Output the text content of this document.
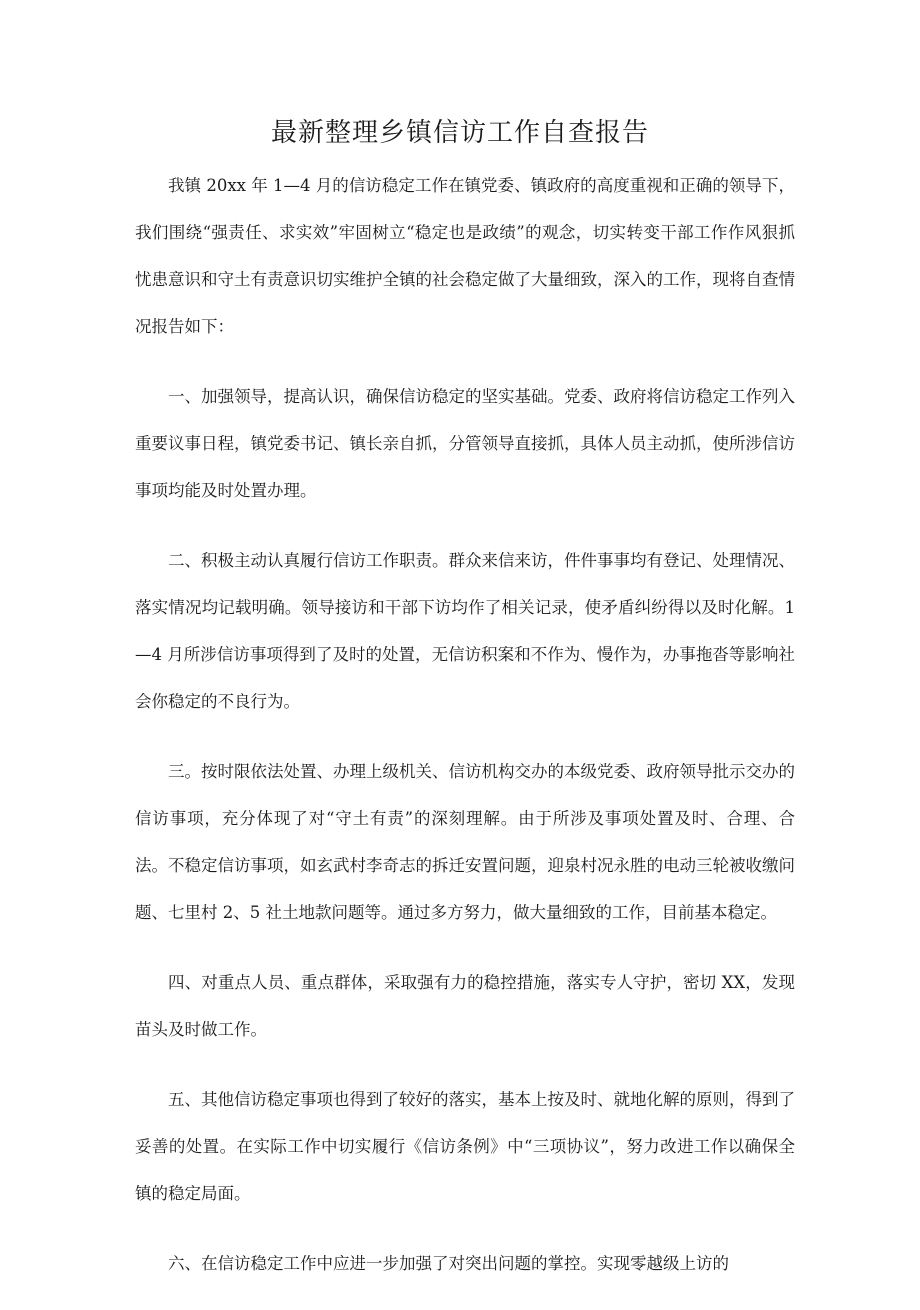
最新整理乡镇信访工作自查报告

我镇 20xx 年 1—4 月的信访稳定工作在镇党委、镇政府的高度重视和正确的领导下，我们围绕“强责任、求实效”牢固树立“稳定也是政绩”的观念，切实转变干部工作作风狠抓忧患意识和守土有责意识切实维护全镇的社会稳定做了大量细致，深入的工作，现将自查情况报告如下：

一、加强领导，提高认识，确保信访稳定的坚实基础。党委、政府将信访稳定工作列入重要议事日程，镇党委书记、镇长亲自抓，分管领导直接抓，具体人员主动抓，使所涉信访事项均能及时处置办理。

二、积极主动认真履行信访工作职责。群众来信来访，件件事事均有登记、处理情况、落实情况均记载明确。领导接访和干部下访均作了相关记录，使矛盾纠纷得以及时化解。1—4 月所涉信访事项得到了及时的处置，无信访积案和不作为、慢作为，办事拖沓等影响社会你稳定的不良行为。

三。按时限依法处置、办理上级机关、信访机构交办的本级党委、政府领导批示交办的信访事项，充分体现了对“守土有责”的深刻理解。由于所涉及事项处置及时、合理、合法。不稳定信访事项，如玄武村李奇志的拆迁安置问题，迎泉村况永胜的电动三轮被收缴问题、七里村 2、5 社土地款问题等。通过多方努力，做大量细致的工作，目前基本稳定。

四、对重点人员、重点群体，采取强有力的稳控措施，落实专人守护，密切 XX，发现苗头及时做工作。

五、其他信访稳定事项也得到了较好的落实，基本上按及时、就地化解的原则，得到了妥善的处置。在实际工作中切实履行《信访条例》中“三项协议”，努力改进工作以确保全镇的稳定局面。

六、在信访稳定工作中应进一步加强了对突出问题的掌控。实现零越级上访的
